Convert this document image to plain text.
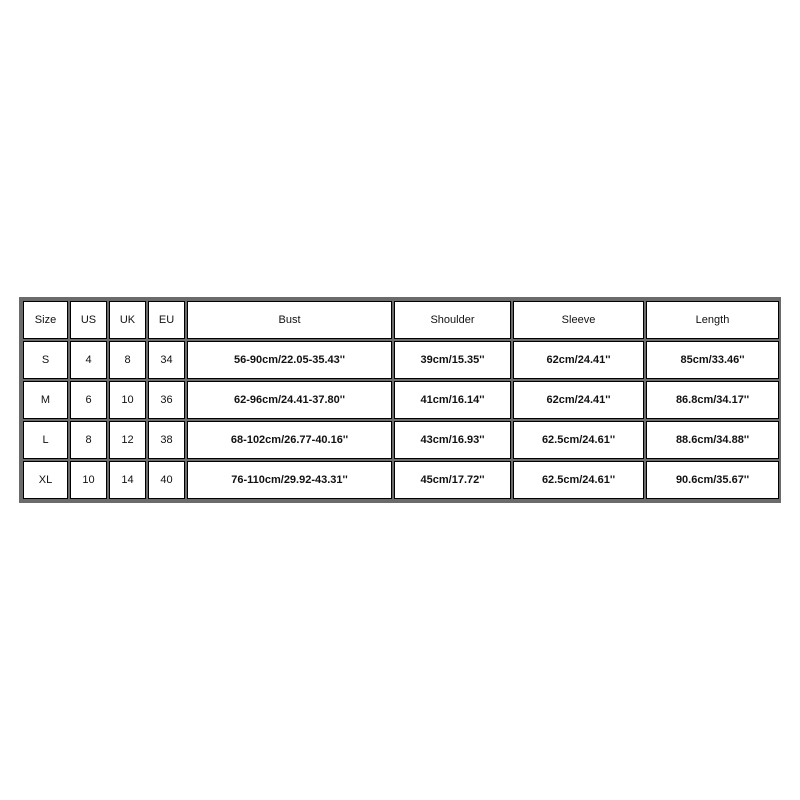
Size	US	UK	EU	Bust	Shoulder	Sleeve	Length
S	4	8	34	56-90cm/22.05-35.43''	39cm/15.35''	62cm/24.41''	85cm/33.46''
M	6	10	36	62-96cm/24.41-37.80''	41cm/16.14''	62cm/24.41''	86.8cm/34.17''
L	8	12	38	68-102cm/26.77-40.16''	43cm/16.93''	62.5cm/24.61''	88.6cm/34.88''
XL	10	14	40	76-110cm/29.92-43.31''	45cm/17.72''	62.5cm/24.61''	90.6cm/35.67''
